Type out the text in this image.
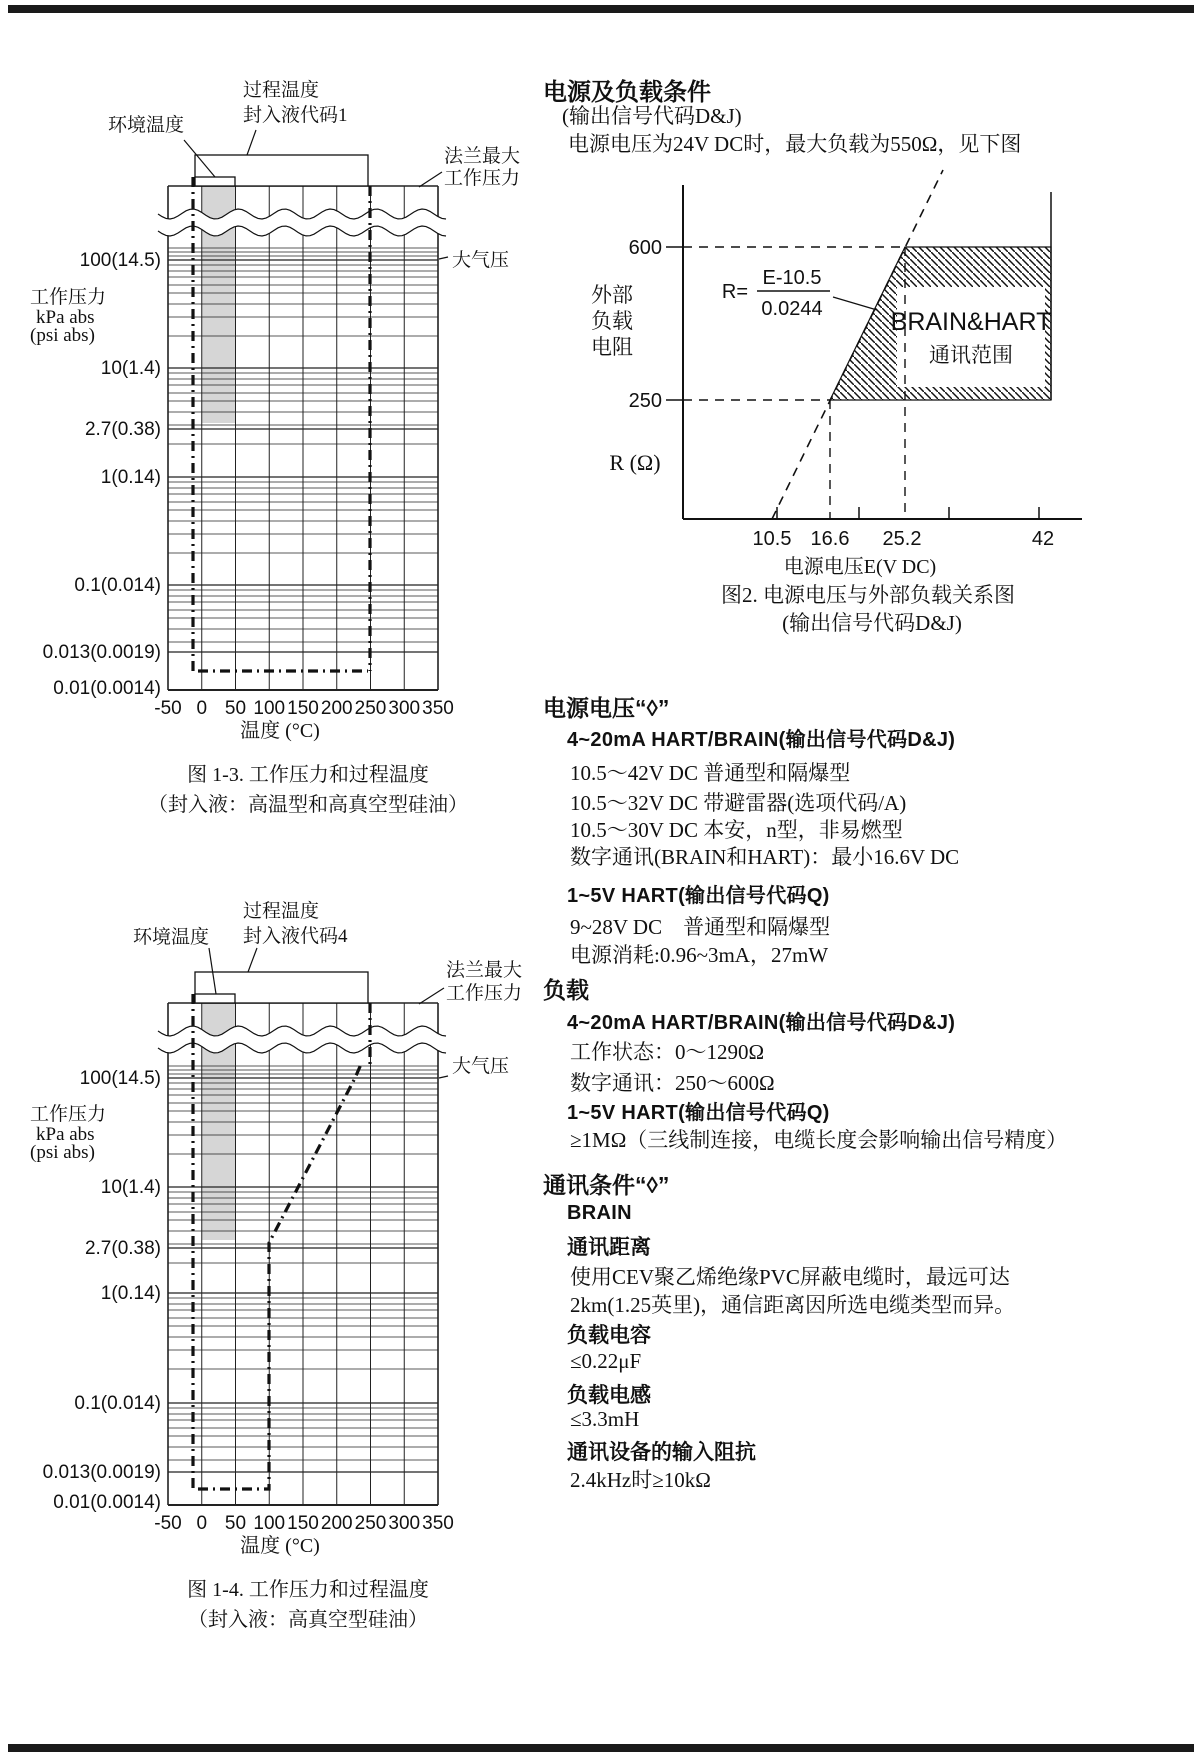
过程温度
封入液代码1
环境温度
法兰最大
工作压力
大气压
100(14.5)
10(1.4)
2.7(0.38)
1(0.14)
0.1(0.014)
0.013(0.0019)
0.01(0.0014)
-50 0 50 100 150 200 250 300 350
温度 (°C)
工作压力
kPa abs
(psi abs)
图 1-3. 工作压力和过程温度
（封入液：高温型和高真空型硅油）
过程温度
封入液代码4
环境温度
法兰最大
工作压力
大气压
100(14.5)
10(1.4)
2.7(0.38)
1(0.14)
0.1(0.014)
0.013(0.0019)
0.01(0.0014)
-50 0 50 100 150 200 250 300 350
温度 (°C)
工作压力
kPa abs
(psi abs)
图 1-4. 工作压力和过程温度
（封入液：高真空型硅油）
R=
E-10.5
0.0244	BRAIN&HART
通讯范围
600
250
外部
负载
电阻
R (Ω)
10.5 16.6 25.2	42
电源电压E(V DC)
图2. 电源电压与外部负载关系图
(输出信号代码D&J)
电源及负载条件
(输出信号代码D&J)
电源电压为24V DC时，最大负载为550Ω，见下图
电源电压“◊”
4~20mA HART/BRAIN(输出信号代码D&J)
10.5～42V DC 普通型和隔爆型
10.5～32V DC 带避雷器(选项代码/A)
10.5～30V DC 本安，n型，非易燃型
数字通讯(BRAIN和HART)：最小16.6V DC
1~5V HART(输出信号代码Q)
9~28V DC　普通型和隔爆型
电源消耗:0.96~3mA，27mW
负载
4~20mA HART/BRAIN(输出信号代码D&J)
工作状态：0～1290Ω
数字通讯：250～600Ω
1~5V HART(输出信号代码Q)
≥1MΩ（三线制连接，电缆长度会影响输出信号精度）
通讯条件“◊”
BRAIN
通讯距离
使用CEV聚乙烯绝缘PVC屏蔽电缆时，最远可达
2km(1.25英里)，通信距离因所选电缆类型而异。
负载电容
≤0.22μF
负载电感
≤3.3mH
通讯设备的输入阻抗
2.4kHz时≥10kΩ
